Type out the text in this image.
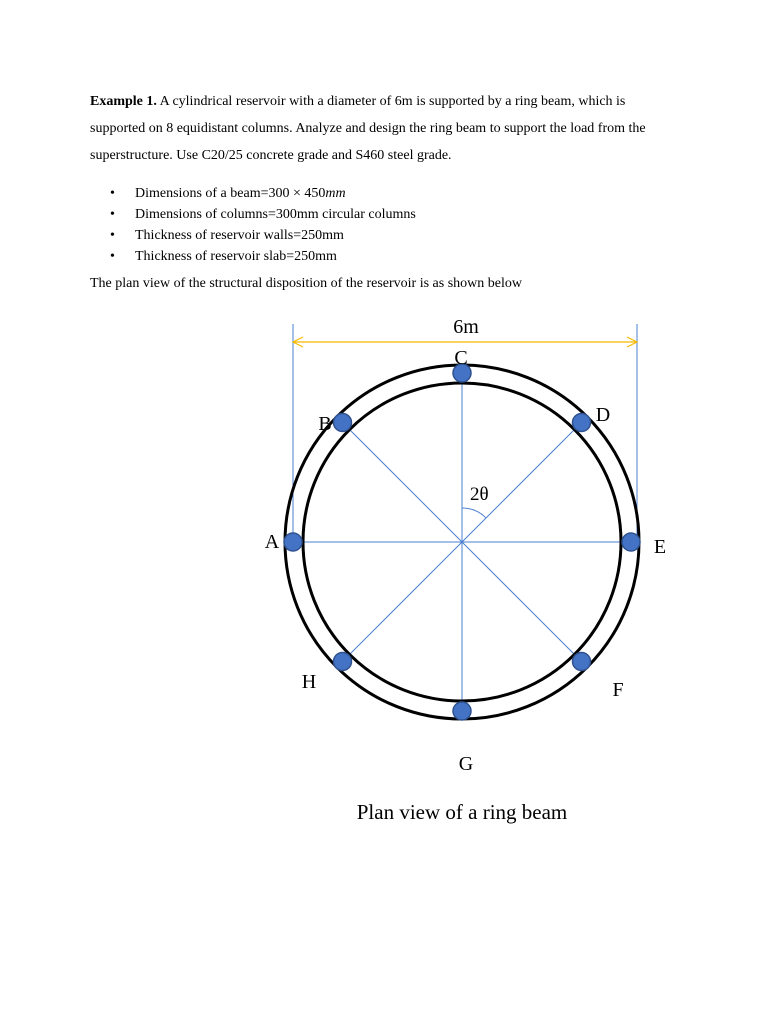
Example 1. A cylindrical reservoir with a diameter of 6m is supported by a ring beam, which is supported on 8 equidistant columns. Analyze and design the ring beam to support the load from the superstructure. Use C20/25 concrete grade and S460 steel grade.

• Dimensions of a beam=300 × 450mm
• Dimensions of columns=300mm circular columns
• Thickness of reservoir walls=250mm
• Thickness of reservoir slab=250mm

The plan view of the structural disposition of the reservoir is as shown below

6m
2θ
A
B
C
D
E
F
G
H
Plan view of a ring beam
